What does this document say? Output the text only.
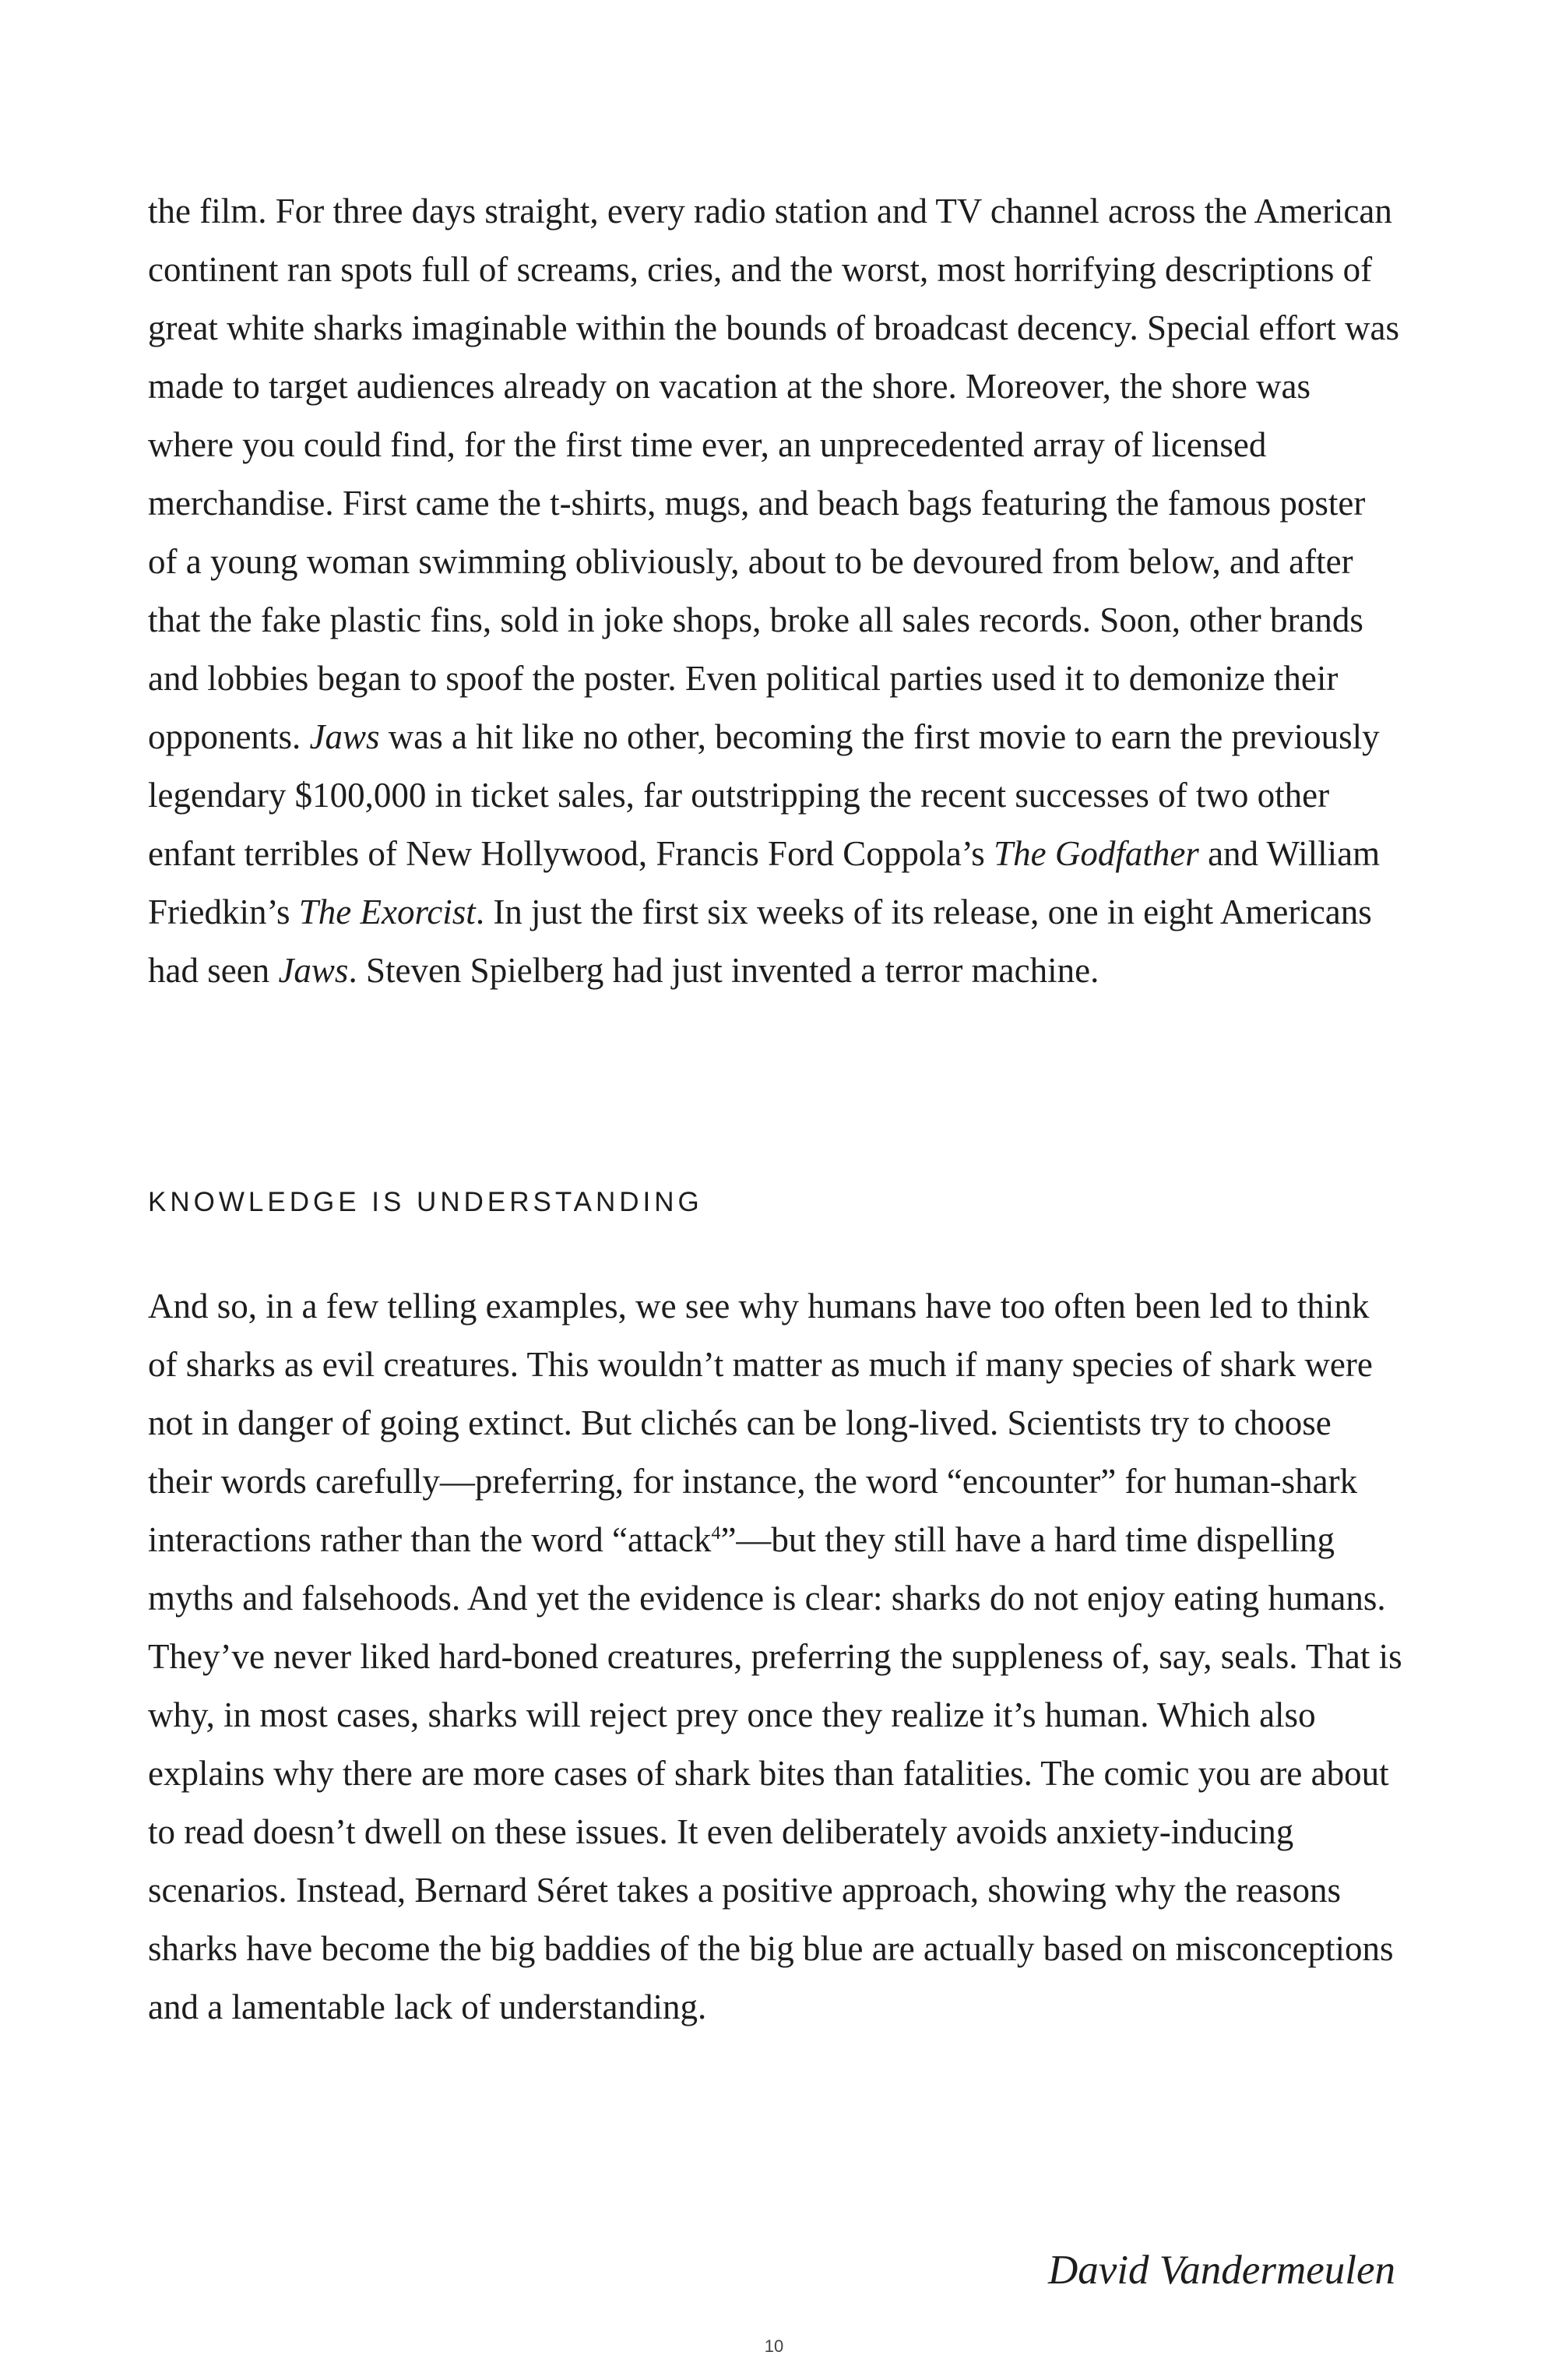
the film. For three days straight, every radio station and TV channel across the American continent ran spots full of screams, cries, and the worst, most horrifying descriptions of great white sharks imaginable within the bounds of broadcast decency. Special effort was made to target audiences already on vacation at the shore. Moreover, the shore was where you could find, for the first time ever, an unprecedented array of licensed merchandise. First came the t-shirts, mugs, and beach bags featuring the famous poster of a young woman swimming obliviously, about to be devoured from below, and after that the fake plastic fins, sold in joke shops, broke all sales records. Soon, other brands and lobbies began to spoof the poster. Even political parties used it to demonize their opponents. Jaws was a hit like no other, becoming the first movie to earn the previously legendary $100,000 in ticket sales, far outstripping the recent successes of two other enfant terribles of New Hollywood, Francis Ford Coppola’s The Godfather and William Friedkin’s The Exorcist. In just the first six weeks of its release, one in eight Americans had seen Jaws. Steven Spielberg had just invented a terror machine.

KNOWLEDGE IS UNDERSTANDING

And so, in a few telling examples, we see why humans have too often been led to think of sharks as evil creatures. This wouldn’t matter as much if many species of shark were not in danger of going extinct. But clichés can be long-lived. Scientists try to choose their words carefully—preferring, for instance, the word “encounter” for human-shark interactions rather than the word “attack$^4$”—but they still have a hard time dispelling myths and falsehoods. And yet the evidence is clear: sharks do not enjoy eating humans. They’ve never liked hard-boned creatures, preferring the suppleness of, say, seals. That is why, in most cases, sharks will reject prey once they realize it’s human. Which also explains why there are more cases of shark bites than fatalities. The comic you are about to read doesn’t dwell on these issues. It even deliberately avoids anxiety-inducing scenarios. Instead, Bernard Séret takes a positive approach, showing why the reasons sharks have become the big baddies of the big blue are actually based on misconceptions and a lamentable lack of understanding.

David Vandermeulen

10
